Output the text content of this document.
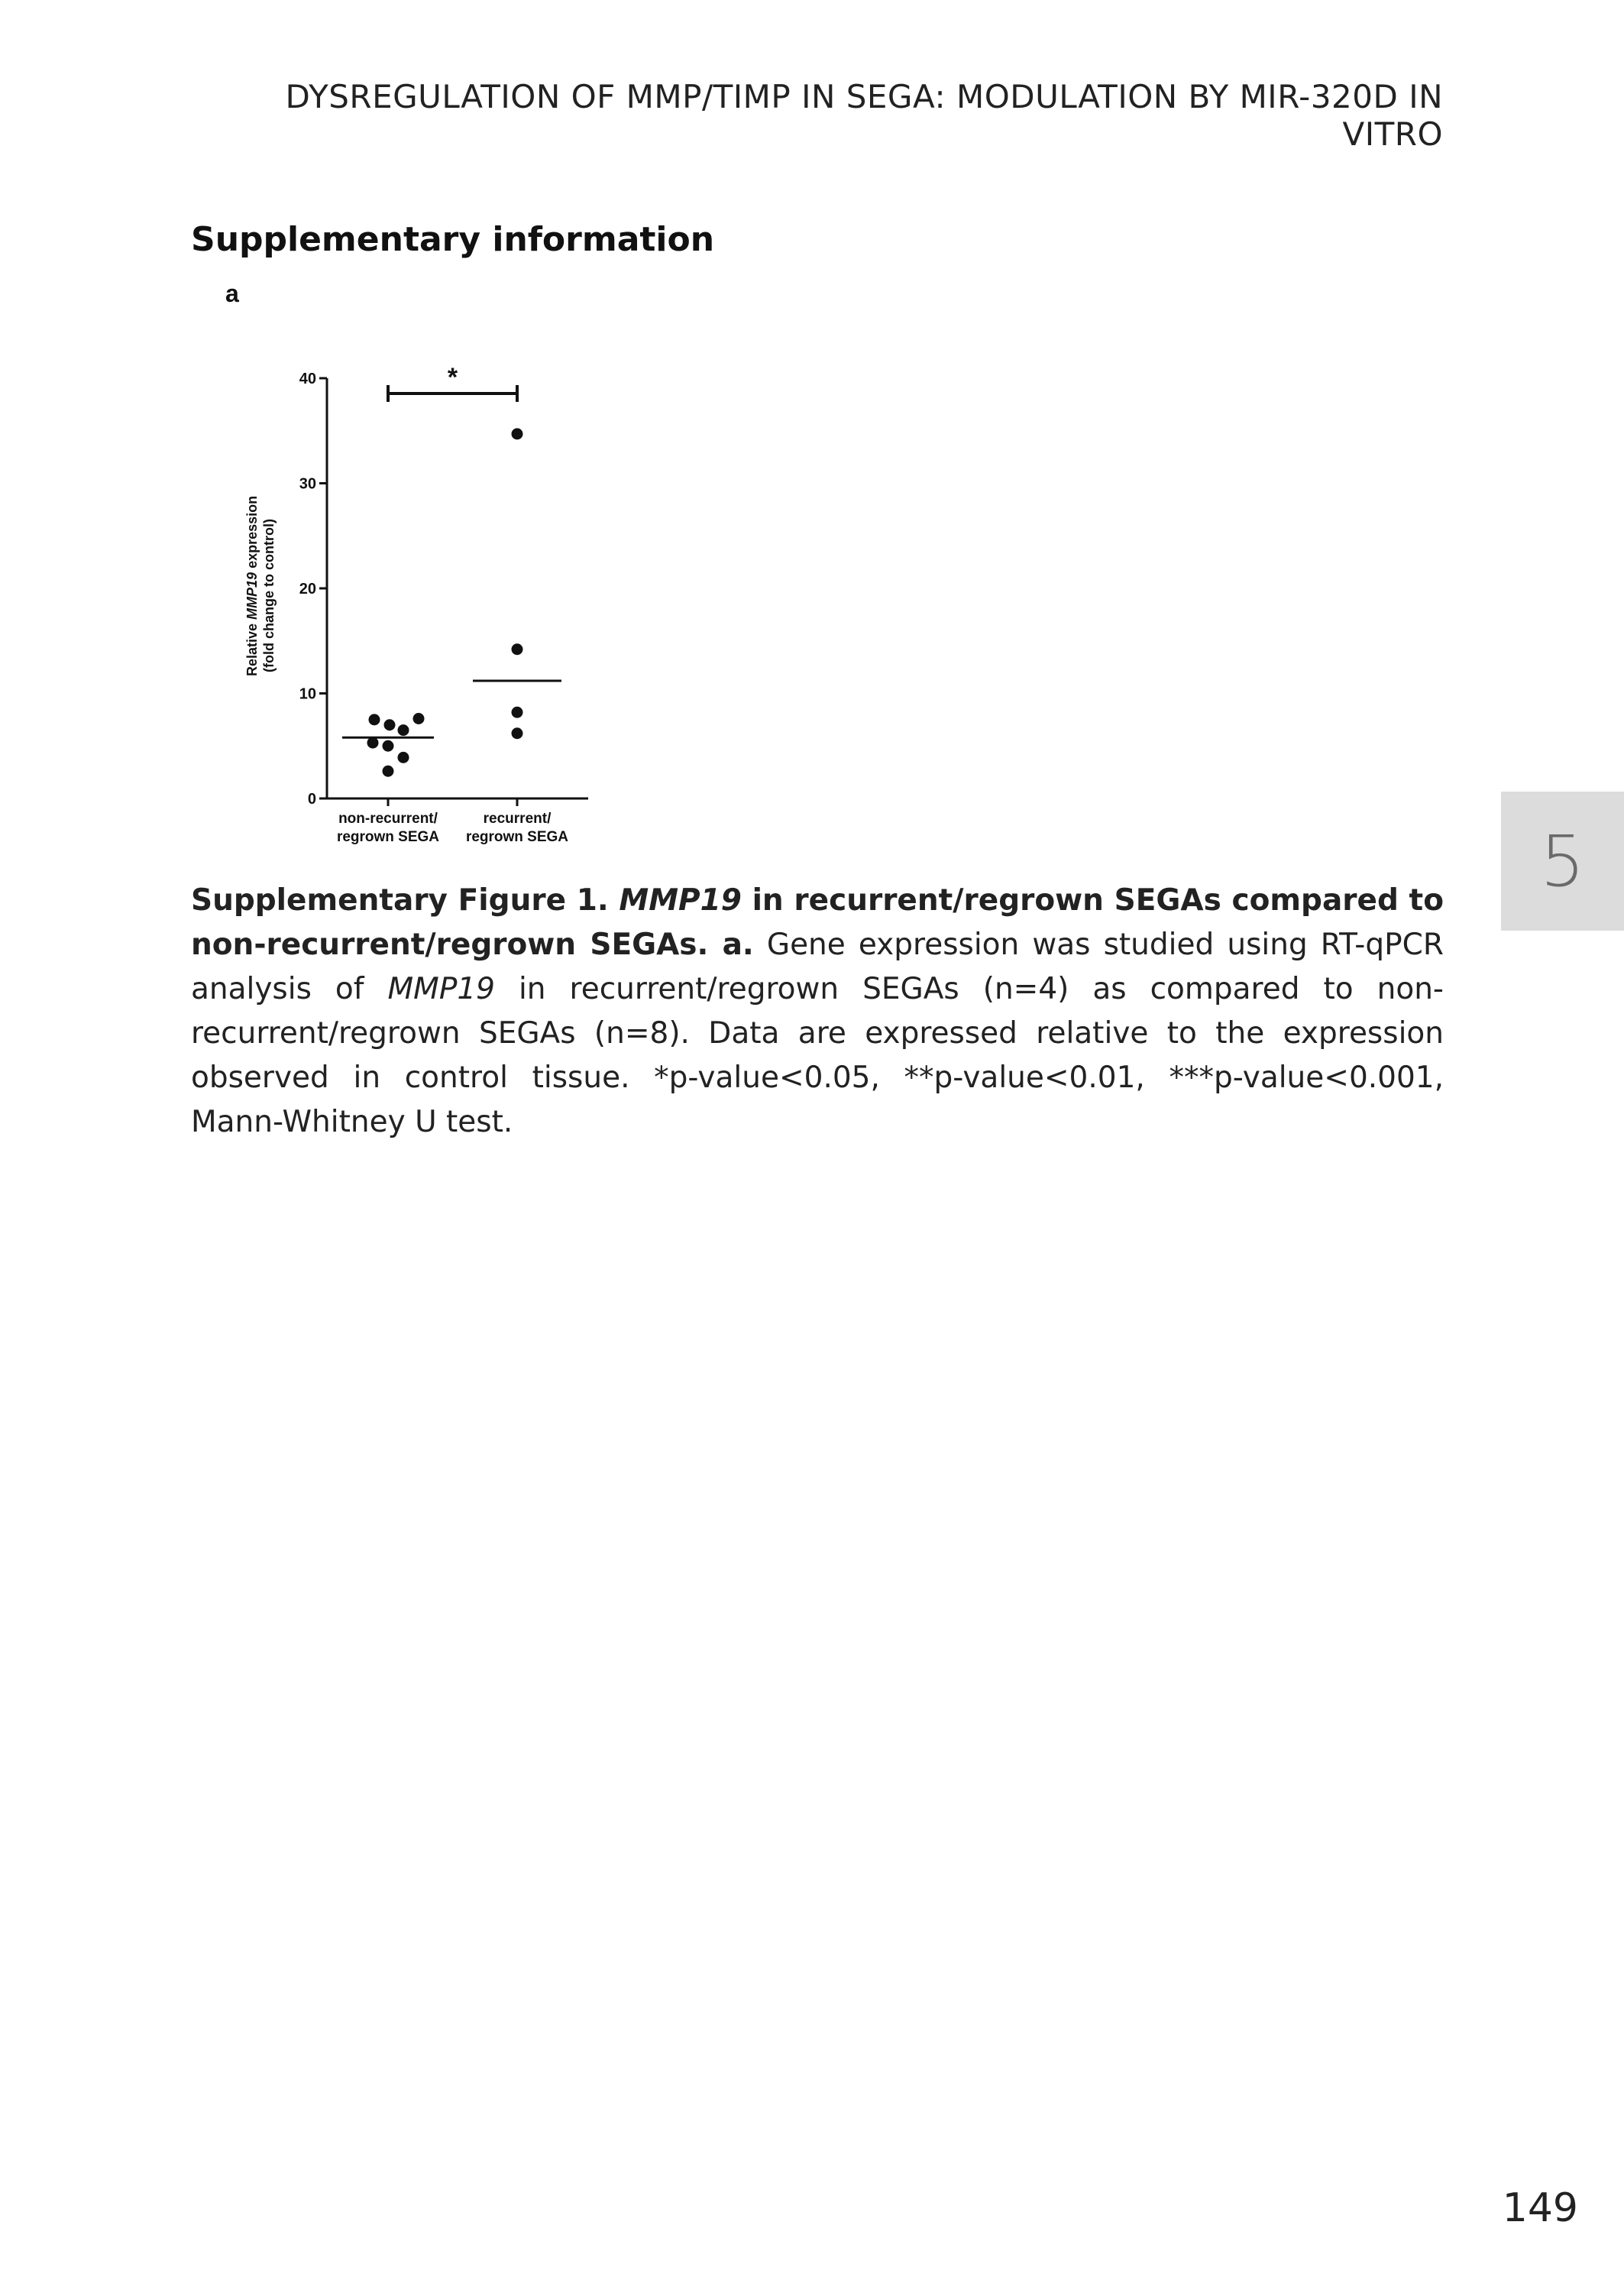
DYSREGULATION OF MMP/TIMP IN SEGA: MODULATION BY MIR-320D IN VITRO
Supplementary information
5
a
Relative MMP19 expression (fold change to control)
0
10
20
30
40
non-recurrent/
regrown SEGA
recurrent/
regrown SEGA
*
Supplementary Figure 1. MMP19 in recurrent/regrown SEGAs compared to non-recurrent/regrown SEGAs. a. Gene expression was studied using RT-qPCR analysis of MMP19 in recurrent/regrown SEGAs (n=4) as compared to non- recurrent/regrown SEGAs (n=8). Data are expressed relative to the expression observed in control tissue. *p-value<0.05, **p-value<0.01, ***p-value<0.001, Mann-Whitney U test.
149
